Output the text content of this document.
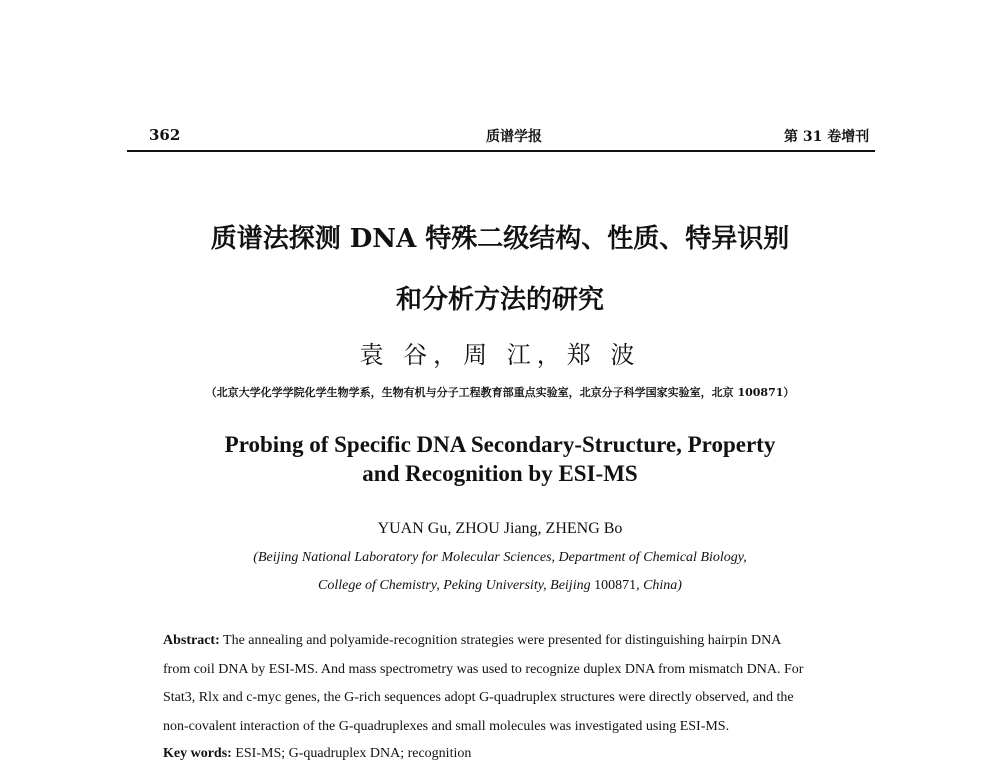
362	质谱学报	第 31 卷增刊
质谱法探测 DNA 特殊二级结构、性质、特异识别
和分析方法的研究
袁 谷，周 江，郑 波
（北京大学化学学院化学生物学系，生物有机与分子工程教育部重点实验室，北京分子科学国家实验室，北京 100871）
Probing of Specific DNA Secondary-Structure, Property
and Recognition by ESI-MS
YUAN Gu, ZHOU Jiang, ZHENG Bo
(Beijing National Laboratory for Molecular Sciences, Department of Chemical Biology,
College of Chemistry, Peking University, Beijing 100871, China)
Abstract: The annealing and polyamide-recognition strategies were presented for distinguishing hairpin DNA
from coil DNA by ESI-MS. And mass spectrometry was used to recognize duplex DNA from mismatch DNA. For
Stat3, Rlx and c-myc genes, the G-rich sequences adopt G-quadruplex structures were directly observed, and the
non-covalent interaction of the G-quadruplexes and small molecules was investigated using ESI-MS.
Key words: ESI-MS; G-quadruplex DNA; recognition
